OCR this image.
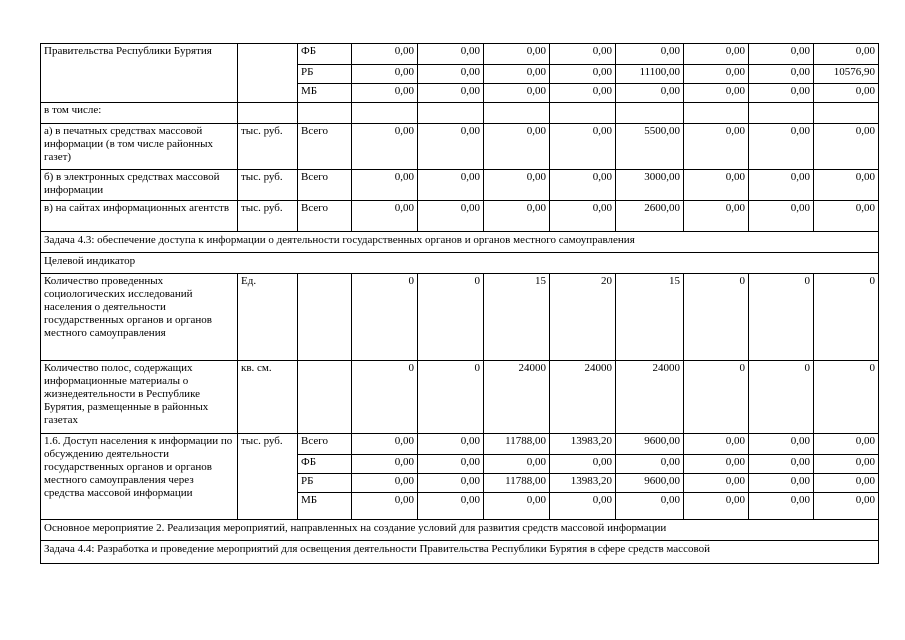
Правительства Республики Бурятия		ФБ	0,00	0,00	0,00	0,00	0,00	0,00	0,00	0,00
		РБ	0,00	0,00	0,00	0,00	11100,00	0,00	0,00	10576,90
		МБ	0,00	0,00	0,00	0,00	0,00	0,00	0,00	0,00
в том числе:										
а) в печатных средствах массовой информации (в том числе районных газет)	тыс. руб.	Всего	0,00	0,00	0,00	0,00	5500,00	0,00	0,00	0,00
б) в электронных средствах массовой информации	тыс. руб.	Всего	0,00	0,00	0,00	0,00	3000,00	0,00	0,00	0,00
в) на сайтах информационных агентств	тыс. руб.	Всего	0,00	0,00	0,00	0,00	2600,00	0,00	0,00	0,00
Задача 4.3: обеспечение доступа к информации о деятельности государственных органов и органов местного самоуправления										
Целевой индикатор										
Количество проведенных социологических исследований населения о деятельности государственных органов и органов местного самоуправления	Ед.		0	0	15	20	15	0	0	0
Количество полос, содержащих информационные материалы о жизнедеятельности в Республике Бурятия, размещенные в районных газетах	кв. см.		0	0	24000	24000	24000	0	0	0
1.6. Доступ населения к информации по обсуждению деятельности государственных органов и органов местного самоуправления через средства массовой информации	тыс. руб.	Всего	0,00	0,00	11788,00	13983,20	9600,00	0,00	0,00	0,00
		ФБ	0,00	0,00	0,00	0,00	0,00	0,00	0,00	0,00
		РБ	0,00	0,00	11788,00	13983,20	9600,00	0,00	0,00	0,00
		МБ	0,00	0,00	0,00	0,00	0,00	0,00	0,00	0,00
Основное мероприятие 2. Реализация мероприятий, направленных на создание условий для развития средств массовой информации										
Задача 4.4: Разработка и проведение мероприятий для освещения деятельности Правительства Республики Бурятия в сфере средств массовой										
